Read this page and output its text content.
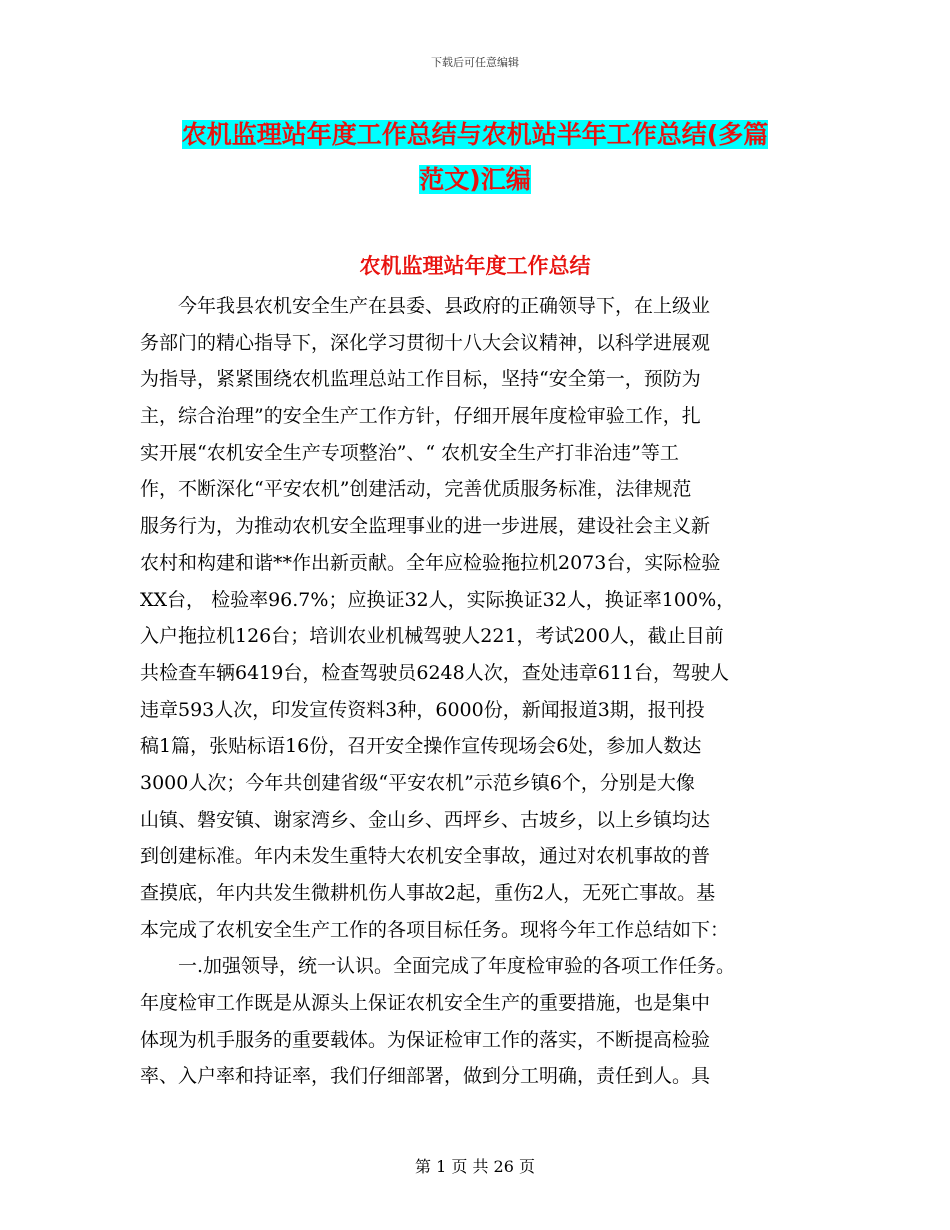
下载后可任意编辑
农机监理站年度工作总结与农机站半年工作总结(多篇
范文)汇编
农机监理站年度工作总结
　　今年我县农机安全生产在县委、县政府的正确领导下，在上级业
务部门的精心指导下，深化学习贯彻十八大会议精神，以科学进展观
为指导，紧紧围绕农机监理总站工作目标，坚持“安全第一，预防为
主，综合治理”的安全生产工作方针，仔细开展年度检审验工作，扎
实开展“农机安全生产专项整治”、“ 农机安全生产打非治违”等工
作，不断深化“平安农机”创建活动，完善优质服务标准，法律规范
服务行为，为推动农机安全监理事业的进一步进展，建设社会主义新
农村和构建和谐**作出新贡献。全年应检验拖拉机2073台，实际检验
XX台， 检验率96.7%；应换证32人，实际换证32人，换证率100%，
入户拖拉机126台；培训农业机械驾驶人221，考试200人，截止目前
共检查车辆6419台，检查驾驶员6248人次，查处违章611台，驾驶人
违章593人次，印发宣传资料3种，6000份，新闻报道3期，报刊投
稿1篇，张贴标语16份，召开安全操作宣传现场会6处，参加人数达
3000人次；今年共创建省级“平安农机”示范乡镇6个，分别是大像
山镇、磐安镇、谢家湾乡、金山乡、西坪乡、古坡乡，以上乡镇均达
到创建标准。年内未发生重特大农机安全事故，通过对农机事故的普
查摸底，年内共发生微耕机伤人事故2起，重伤2人，无死亡事故。基
本完成了农机安全生产工作的各项目标任务。现将今年工作总结如下：
　　一.加强领导，统一认识。全面完成了年度检审验的各项工作任务。
年度检审工作既是从源头上保证农机安全生产的重要措施，也是集中
体现为机手服务的重要载体。为保证检审工作的落实，不断提高检验
率、入户率和持证率，我们仔细部署，做到分工明确，责任到人。具
第 1 页 共 26 页
